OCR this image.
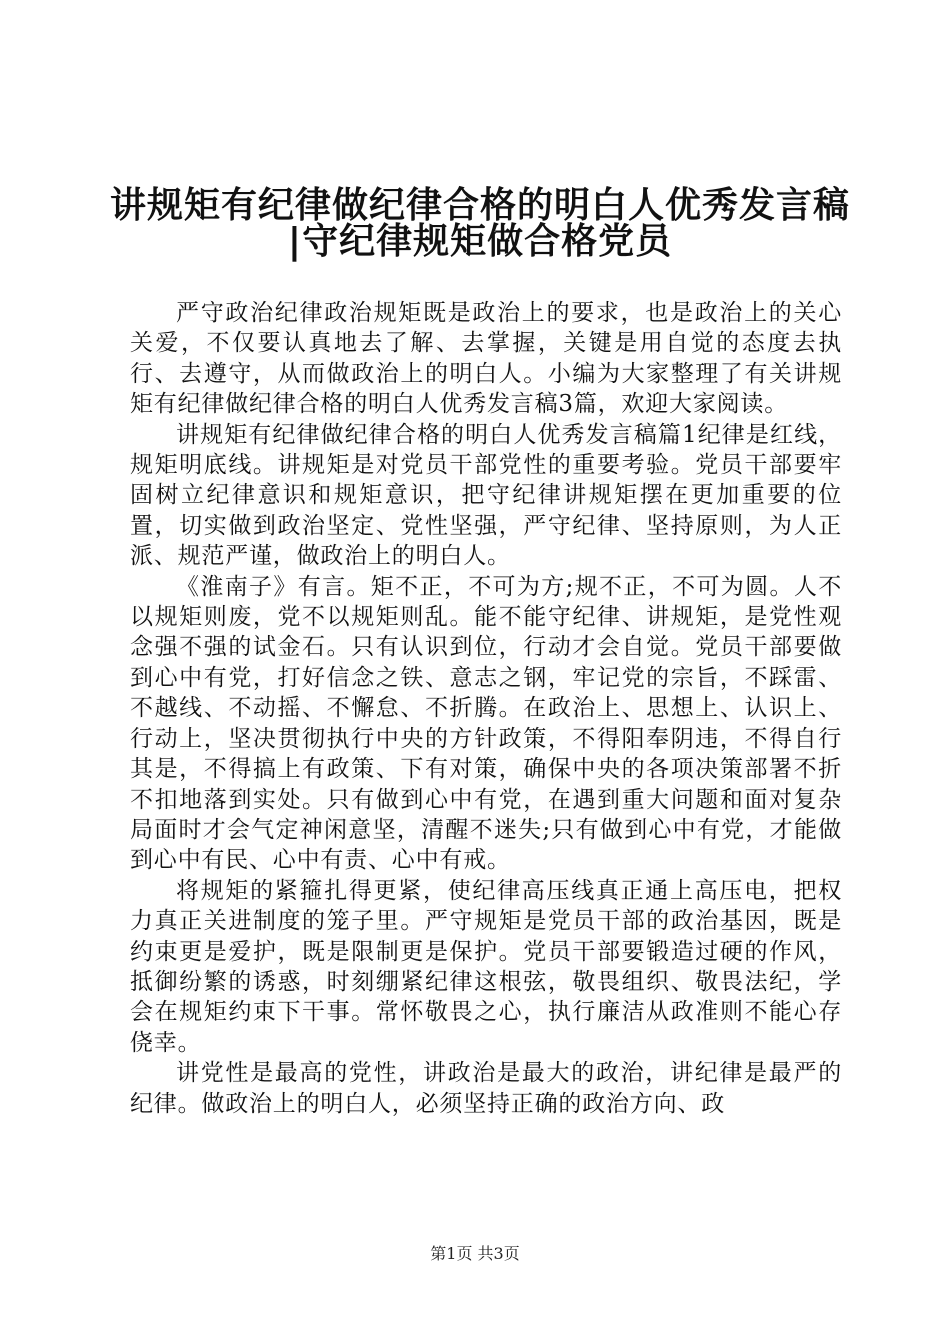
讲规矩有纪律做纪律合格的明白人优秀发言稿
|守纪律规矩做合格党员

严守政治纪律政治规矩既是政治上的要求，也是政治上的关心关爱，不仅要认真地去了解、去掌握，关键是用自觉的态度去执行、去遵守，从而做政治上的明白人。小编为大家整理了有关讲规矩有纪律做纪律合格的明白人优秀发言稿3篇，欢迎大家阅读。

讲规矩有纪律做纪律合格的明白人优秀发言稿篇1纪律是红线，规矩明底线。讲规矩是对党员干部党性的重要考验。党员干部要牢固树立纪律意识和规矩意识，把守纪律讲规矩摆在更加重要的位置，切实做到政治坚定、党性坚强，严守纪律、坚持原则，为人正派、规范严谨，做政治上的明白人。

《淮南子》有言。矩不正，不可为方;规不正，不可为圆。人不以规矩则废，党不以规矩则乱。能不能守纪律、讲规矩，是党性观念强不强的试金石。只有认识到位，行动才会自觉。党员干部要做到心中有党，打好信念之铁、意志之钢，牢记党的宗旨，不踩雷、不越线、不动摇、不懈怠、不折腾。在政治上、思想上、认识上、行动上，坚决贯彻执行中央的方针政策，不得阳奉阴违，不得自行其是，不得搞上有政策、下有对策，确保中央的各项决策部署不折不扣地落到实处。只有做到心中有党，在遇到重大问题和面对复杂局面时才会气定神闲意坚，清醒不迷失;只有做到心中有党，才能做到心中有民、心中有责、心中有戒。

将规矩的紧箍扎得更紧，使纪律高压线真正通上高压电，把权力真正关进制度的笼子里。严守规矩是党员干部的政治基因，既是约束更是爱护，既是限制更是保护。党员干部要锻造过硬的作风，抵御纷繁的诱惑，时刻绷紧纪律这根弦，敬畏组织、敬畏法纪，学会在规矩约束下干事。常怀敬畏之心，执行廉洁从政准则不能心存侥幸。

讲党性是最高的党性，讲政治是最大的政治，讲纪律是最严的纪律。做政治上的明白人，必须坚持正确的政治方向、政

第1页 共3页
